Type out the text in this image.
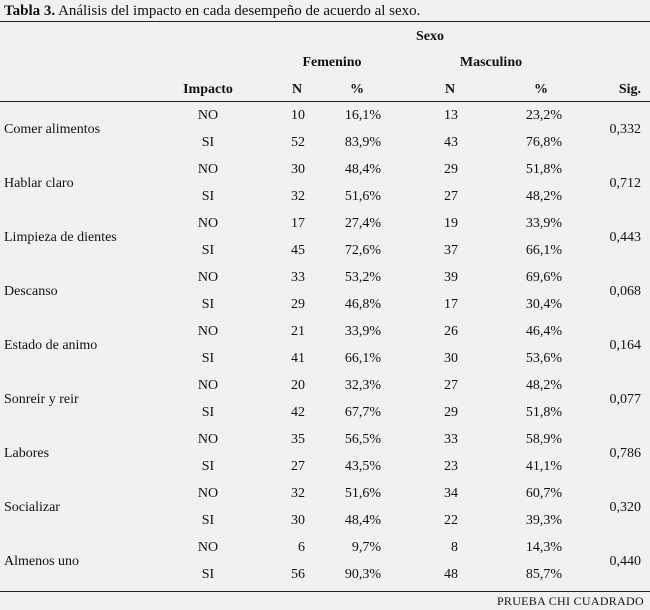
Tabla 3. Análisis del impacto en cada desempeño de acuerdo al sexo.
Sexo
Femenino	Masculino
Impacto	N	%	N	%	Sig.
Comer alimentos	0,332
NO	10	16,1%	13	23,2%
SI	52	83,9%	43	76,8%
Hablar claro	0,712
NO	30	48,4%	29	51,8%
SI	32	51,6%	27	48,2%
Limpieza de dientes	0,443
NO	17	27,4%	19	33,9%
SI	45	72,6%	37	66,1%
Descanso	0,068
NO	33	53,2%	39	69,6%
SI	29	46,8%	17	30,4%
Estado de animo	0,164
NO	21	33,9%	26	46,4%
SI	41	66,1%	30	53,6%
Sonreir y reir	0,077
NO	20	32,3%	27	48,2%
SI	42	67,7%	29	51,8%
Labores	0,786
NO	35	56,5%	33	58,9%
SI	27	43,5%	23	41,1%
Socializar	0,320
NO	32	51,6%	34	60,7%
SI	30	48,4%	22	39,3%
Almenos uno	0,440
NO	6	9,7%	8	14,3%
SI	56	90,3%	48	85,7%
PRUEBA CHI CUADRADO
